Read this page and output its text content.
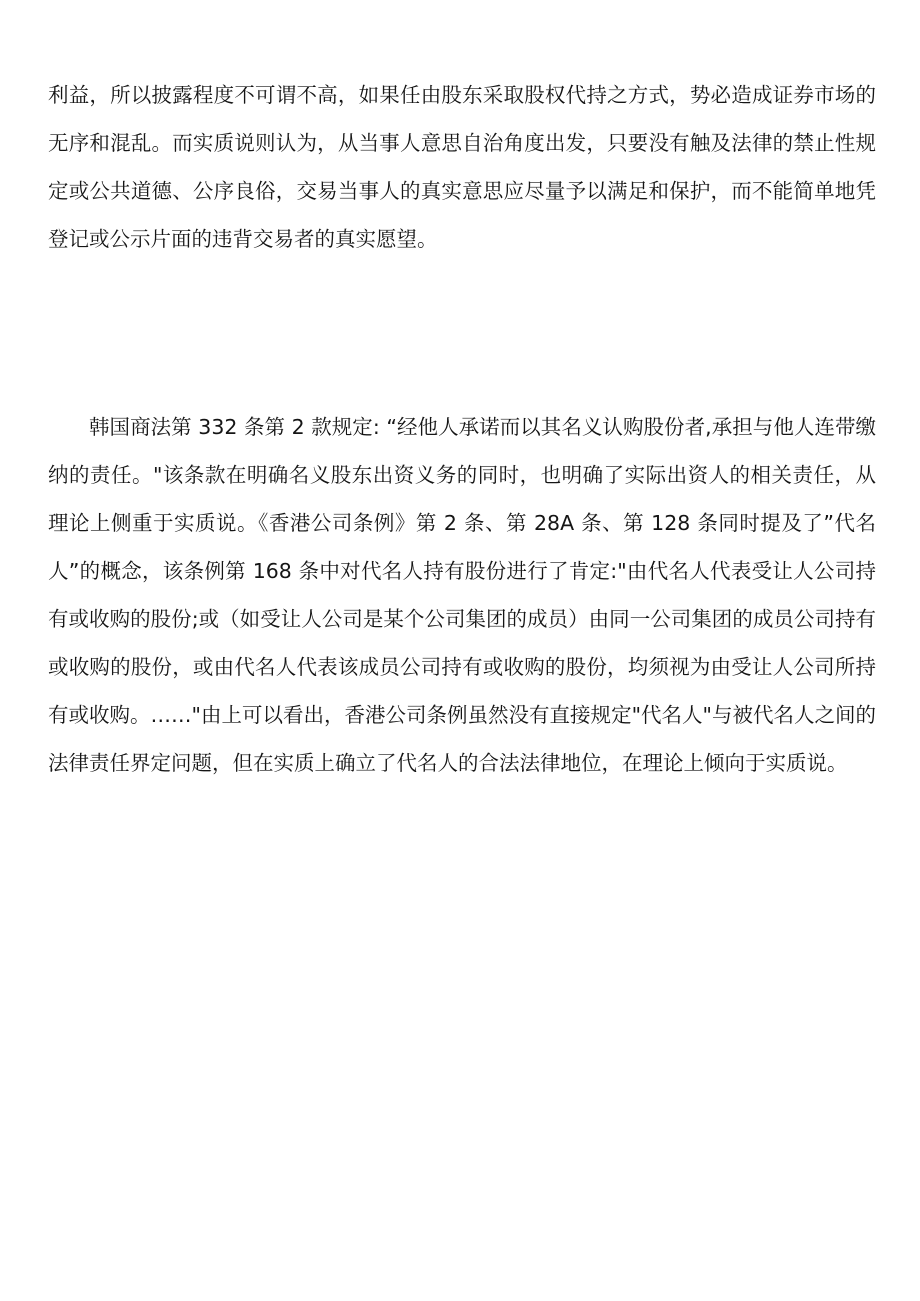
利益，所以披露程度不可谓不高，如果任由股东采取股权代持之方式，势必造成证券市场的无序和混乱。而实质说则认为，从当事人意思自治角度出发，只要没有触及法律的禁止性规定或公共道德、公序良俗，交易当事人的真实意思应尽量予以满足和保护，而不能简单地凭登记或公示片面的违背交易者的真实愿望。

韩国商法第 332 条第 2 款规定: “经他人承诺而以其名义认购股份者,承担与他人连带缴纳的责任。"该条款在明确名义股东出资义务的同时，也明确了实际出资人的相关责任，从理论上侧重于实质说。《香港公司条例》第 2 条、第 28A 条、第 128 条同时提及了”代名人”的概念，该条例第 168 条中对代名人持有股份进行了肯定:"由代名人代表受让人公司持有或收购的股份;或（如受让人公司是某个公司集团的成员）由同一公司集团的成员公司持有或收购的股份，或由代名人代表该成员公司持有或收购的股份，均须视为由受让人公司所持有或收购。……"由上可以看出，香港公司条例虽然没有直接规定"代名人"与被代名人之间的法律责任界定问题，但在实质上确立了代名人的合法法律地位，在理论上倾向于实质说。
